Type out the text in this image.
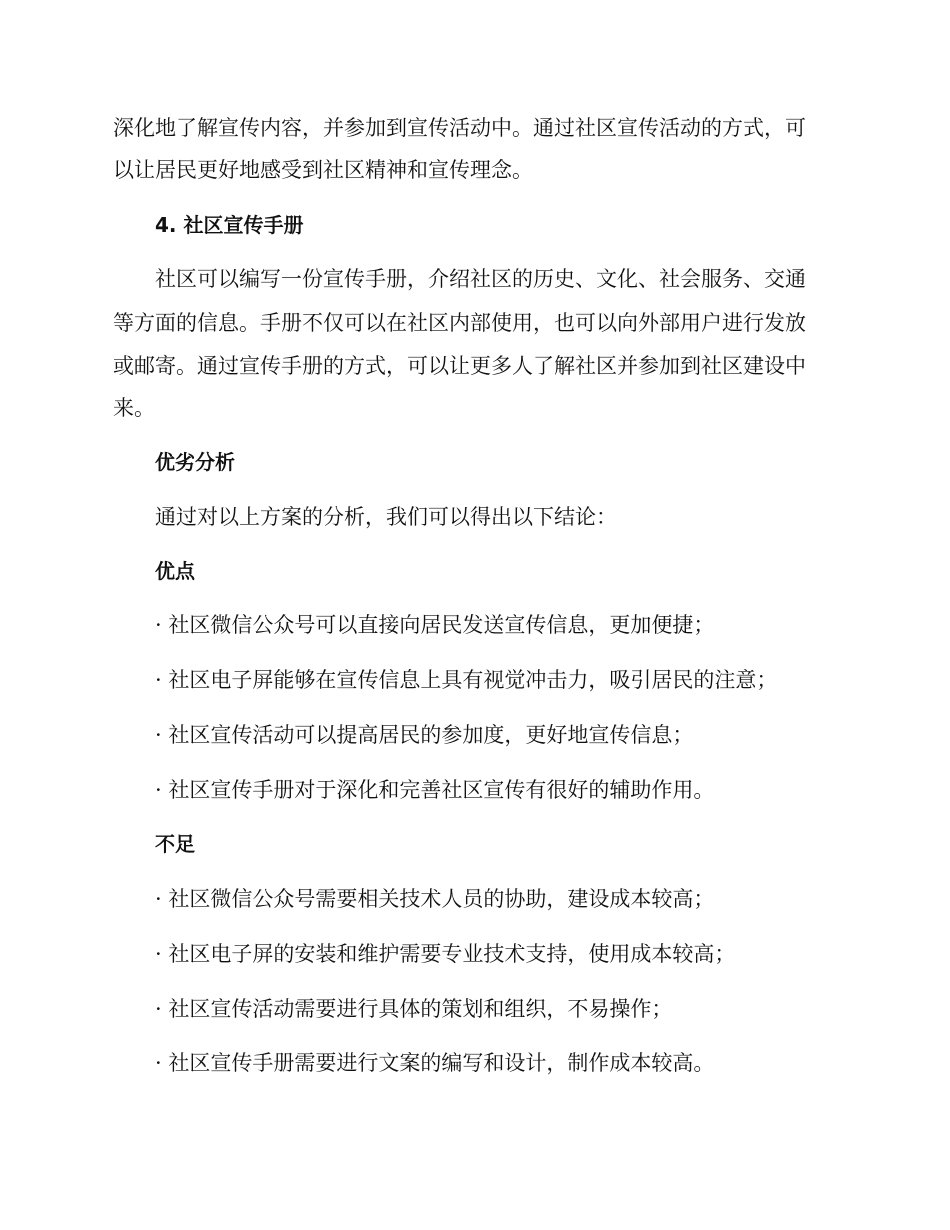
深化地了解宣传内容，并参加到宣传活动中。通过社区宣传活动的方式，可
以让居民更好地感受到社区精神和宣传理念。
4. 社区宣传手册
社区可以编写一份宣传手册，介绍社区的历史、文化、社会服务、交通
等方面的信息。手册不仅可以在社区内部使用，也可以向外部用户进行发放
或邮寄。通过宣传手册的方式，可以让更多人了解社区并参加到社区建设中
来。
优劣分析
通过对以上方案的分析，我们可以得出以下结论：
优点
· 社区微信公众号可以直接向居民发送宣传信息，更加便捷；
· 社区电子屏能够在宣传信息上具有视觉冲击力，吸引居民的注意；
· 社区宣传活动可以提高居民的参加度，更好地宣传信息；
· 社区宣传手册对于深化和完善社区宣传有很好的辅助作用。
不足
· 社区微信公众号需要相关技术人员的协助，建设成本较高；
· 社区电子屏的安装和维护需要专业技术支持，使用成本较高；
· 社区宣传活动需要进行具体的策划和组织，不易操作；
· 社区宣传手册需要进行文案的编写和设计，制作成本较高。
